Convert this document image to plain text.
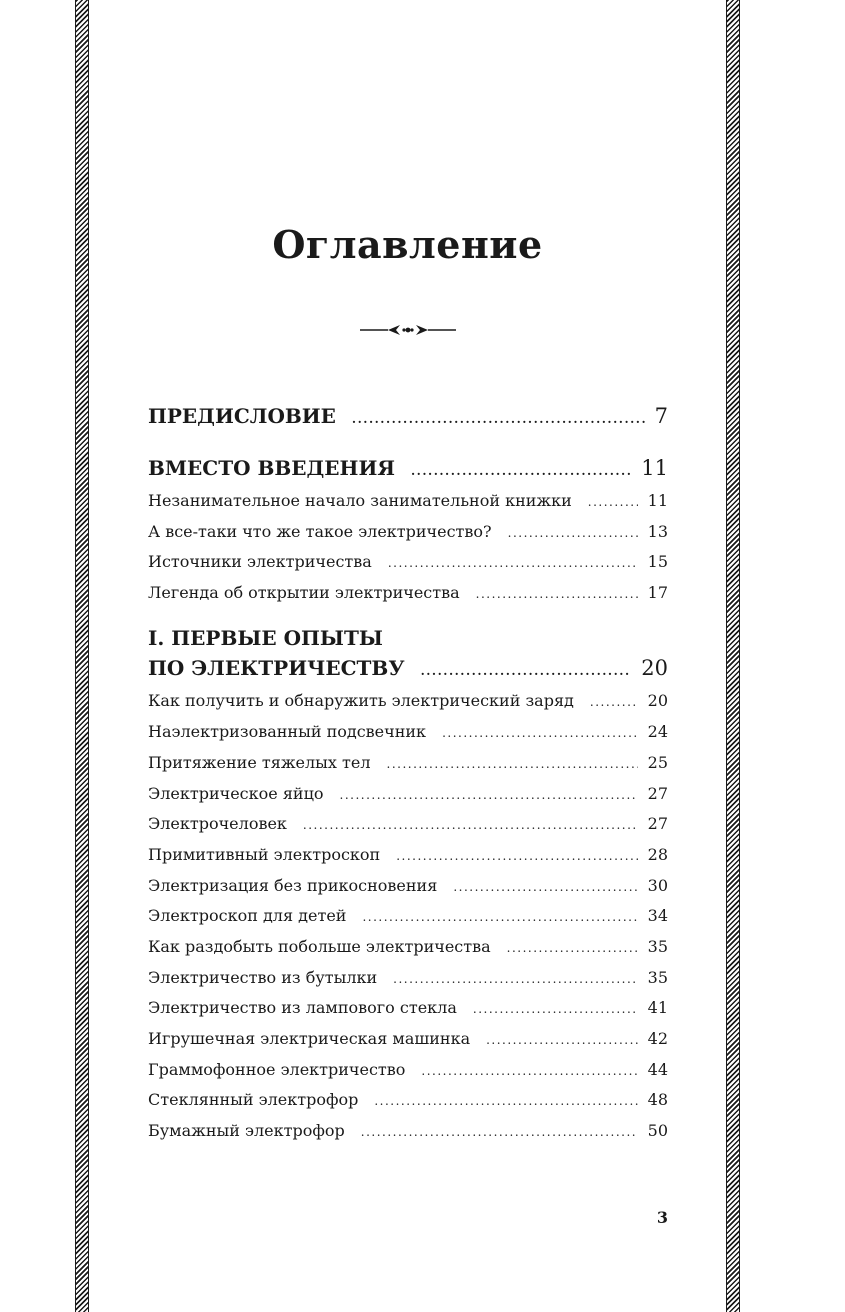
Оглавление
ПРЕДИСЛОВИЕ .....	7
ВМЕСТО ВВЕДЕНИЯ .....	11
Незанимательное начало занимательной книжки .....	11
А все-таки что же такое электричество? .....	13
Источники электричества .....	15
Легенда об открытии электричества .....	17
I. ПЕРВЫЕ ОПЫТЫ
ПО ЭЛЕКТРИЧЕСТВУ .....	20
Как получить и обнаружить электрический заряд .....	20
Наэлектризованный подсвечник .....	24
Притяжение тяжелых тел .....	25
Электрическое яйцо .....	27
Электрочеловек .....	27
Примитивный электроскоп .....	28
Электризация без прикосновения .....	30
Электроскоп для детей .....	34
Как раздобыть побольше электричества .....	35
Электричество из бутылки .....	35
Электричество из лампового стекла .....	41
Игрушечная электрическая машинка .....	42
Граммофонное электричество .....	44
Стеклянный электрофор .....	48
Бумажный электрофор .....	50
3
